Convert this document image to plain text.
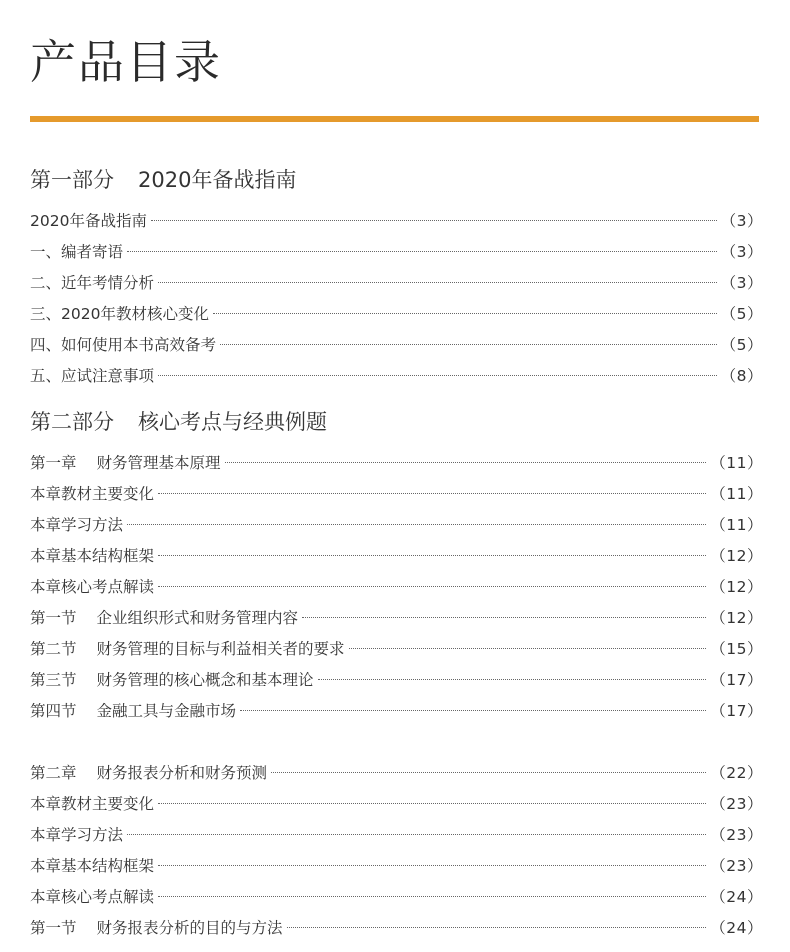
产品目录
第一部分 2020年备战指南
2020年备战指南	（3）
一、编者寄语	（3）
二、近年考情分析	（3）
三、2020年教材核心变化	（5）
四、如何使用本书高效备考	（5）
五、应试注意事项	（8）
第二部分 核心考点与经典例题
第一章 财务管理基本原理	（11）
本章教材主要变化	（11）
本章学习方法	（11）
本章基本结构框架	（12）
本章核心考点解读	（12）
第一节 企业组织形式和财务管理内容	（12）
第二节 财务管理的目标与利益相关者的要求	（15）
第三节 财务管理的核心概念和基本理论	（17）
第四节 金融工具与金融市场	（17）
第二章 财务报表分析和财务预测	（22）
本章教材主要变化	（23）
本章学习方法	（23）
本章基本结构框架	（23）
本章核心考点解读	（24）
第一节 财务报表分析的目的与方法	（24）
